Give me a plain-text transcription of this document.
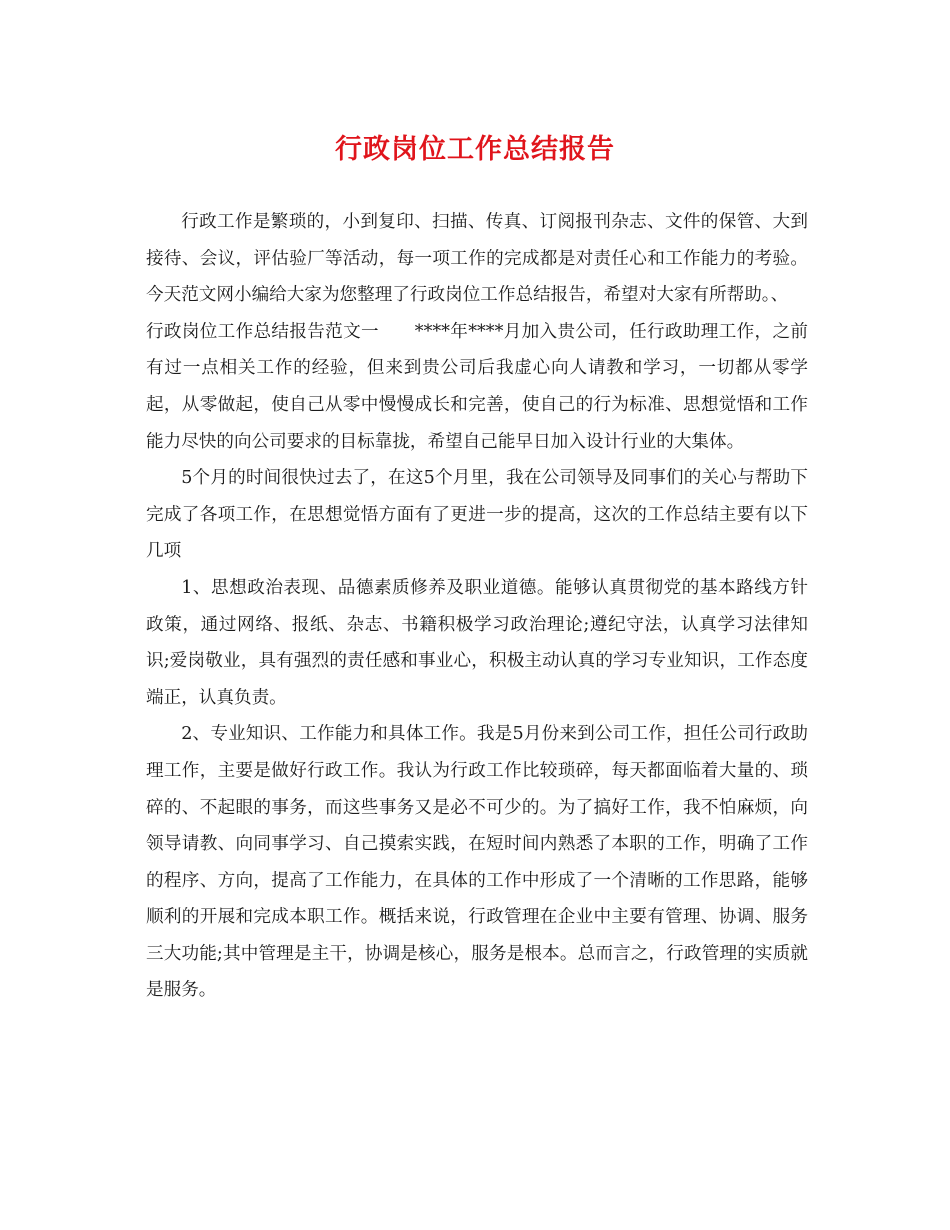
行政岗位工作总结报告

行政工作是繁琐的，小到复印、扫描、传真、订阅报刊杂志、文件的保管、大到接待、会议，评估验厂等活动，每一项工作的完成都是对责任心和工作能力的考验。今天范文网小编给大家为您整理了行政岗位工作总结报告，希望对大家有所帮助。、

行政岗位工作总结报告范文一　　****年****月加入贵公司，任行政助理工作，之前有过一点相关工作的经验，但来到贵公司后我虚心向人请教和学习，一切都从零学起，从零做起，使自己从零中慢慢成长和完善，使自己的行为标准、思想觉悟和工作能力尽快的向公司要求的目标靠拢，希望自己能早日加入设计行业的大集体。

5个月的时间很快过去了，在这5个月里，我在公司领导及同事们的关心与帮助下完成了各项工作，在思想觉悟方面有了更进一步的提高，这次的工作总结主要有以下几项

1、思想政治表现、品德素质修养及职业道德。能够认真贯彻党的基本路线方针政策，通过网络、报纸、杂志、书籍积极学习政治理论;遵纪守法，认真学习法律知识;爱岗敬业，具有强烈的责任感和事业心，积极主动认真的学习专业知识，工作态度端正，认真负责。

2、专业知识、工作能力和具体工作。我是5月份来到公司工作，担任公司行政助理工作，主要是做好行政工作。我认为行政工作比较琐碎，每天都面临着大量的、琐碎的、不起眼的事务，而这些事务又是必不可少的。为了搞好工作，我不怕麻烦，向领导请教、向同事学习、自己摸索实践，在短时间内熟悉了本职的工作，明确了工作的程序、方向，提高了工作能力，在具体的工作中形成了一个清晰的工作思路，能够顺利的开展和完成本职工作。概括来说，行政管理在企业中主要有管理、协调、服务三大功能;其中管理是主干，协调是核心，服务是根本。总而言之，行政管理的实质就是服务。
